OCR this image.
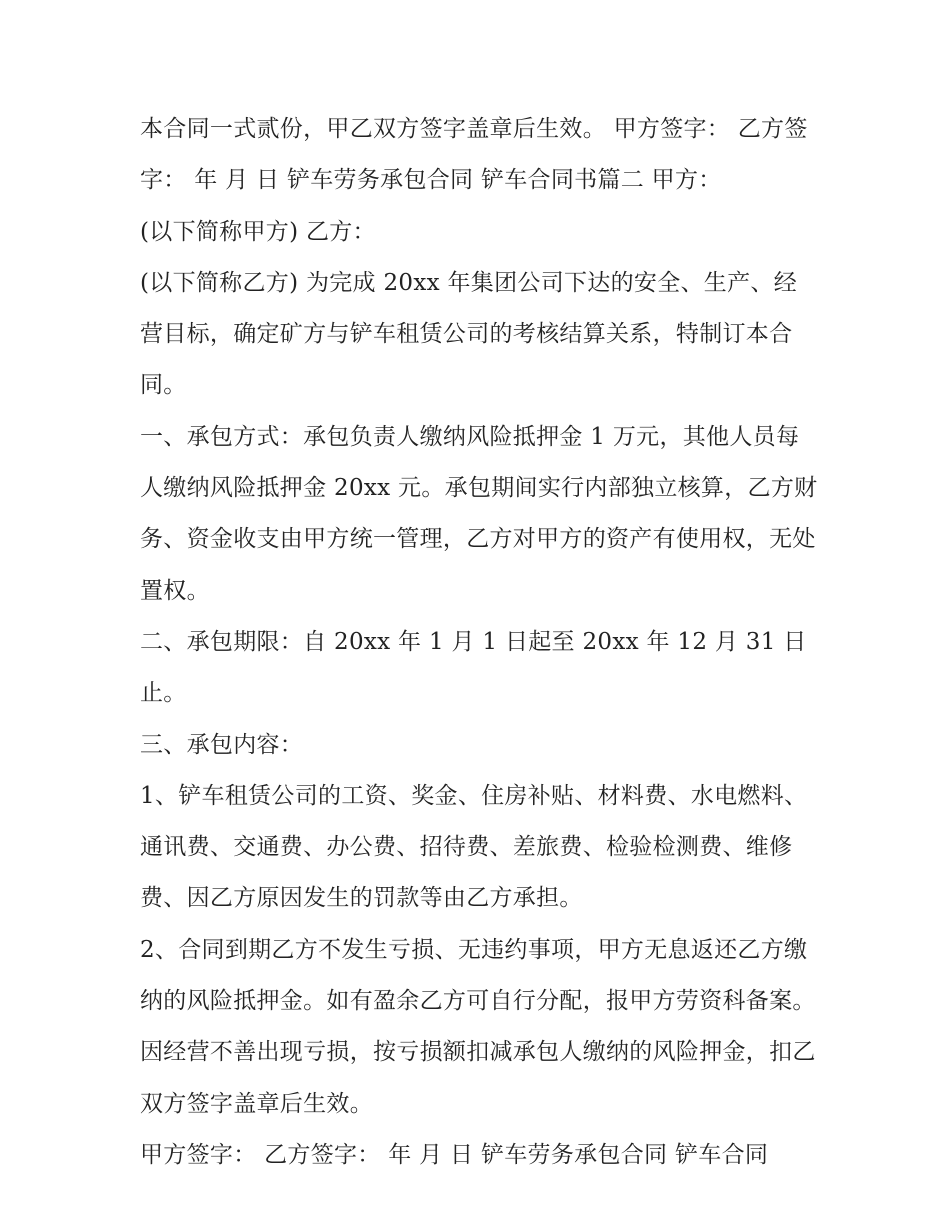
本合同一式贰份，甲乙双方签字盖章后生效。 甲方签字： 乙方签字： 年 月 日 铲车劳务承包合同 铲车合同书篇二 甲方：

(以下简称甲方) 乙方：

(以下简称乙方) 为完成 20xx 年集团公司下达的安全、生产、经营目标，确定矿方与铲车租赁公司的考核结算关系，特制订本合同。

一、承包方式：承包负责人缴纳风险抵押金 1 万元，其他人员每人缴纳风险抵押金 20xx 元。承包期间实行内部独立核算，乙方财务、资金收支由甲方统一管理，乙方对甲方的资产有使用权，无处置权。

二、承包期限：自 20xx 年 1 月 1 日起至 20xx 年 12 月 31 日止。

三、承包内容：

1、铲车租赁公司的工资、奖金、住房补贴、材料费、水电燃料、通讯费、交通费、办公费、招待费、差旅费、检验检测费、维修费、因乙方原因发生的罚款等由乙方承担。

2、合同到期乙方不发生亏损、无违约事项，甲方无息返还乙方缴纳的风险抵押金。如有盈余乙方可自行分配，报甲方劳资科备案。因经营不善出现亏损，按亏损额扣减承包人缴纳的风险押金，扣乙双方签字盖章后生效。

甲方签字： 乙方签字： 年 月 日 铲车劳务承包合同 铲车合同
